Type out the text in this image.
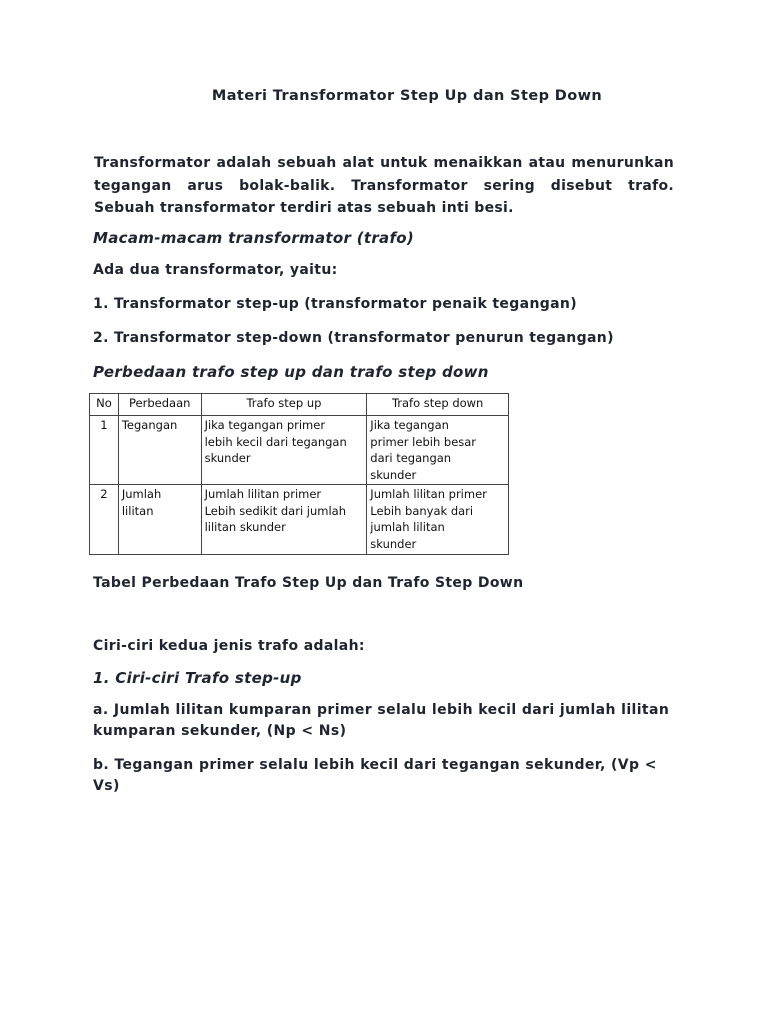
Materi Transformator Step Up dan Step Down

Transformator adalah sebuah alat untuk menaikkan atau menurunkan tegangan arus bolak-balik. Transformator sering disebut trafo. Sebuah transformator terdiri atas sebuah inti besi.

Macam-macam transformator (trafo)

Ada dua transformator, yaitu:

1. Transformator step-up (transformator penaik tegangan)

2. Transformator step-down (transformator penurun tegangan)

Perbedaan trafo step up dan trafo step down

No	Perbedaan	Trafo step up	Trafo step down
1	Tegangan	Jika tegangan primer
lebih kecil dari tegangan
skunder	Jika tegangan
primer lebih besar
dari tegangan
skunder

2	Jumlah
lilitan	Jumlah lilitan primer
Lebih sedikit dari jumlah
lilitan skunder	Jumlah lilitan primer
Lebih banyak dari
jumlah lilitan
skunder

Tabel Perbedaan Trafo Step Up dan Trafo Step Down

Ciri-ciri kedua jenis trafo adalah:

1. Ciri-ciri Trafo step-up

a. Jumlah lilitan kumparan primer selalu lebih kecil dari jumlah lilitan kumparan sekunder, (Np < Ns)

b. Tegangan primer selalu lebih kecil dari tegangan sekunder, (Vp < Vs)
